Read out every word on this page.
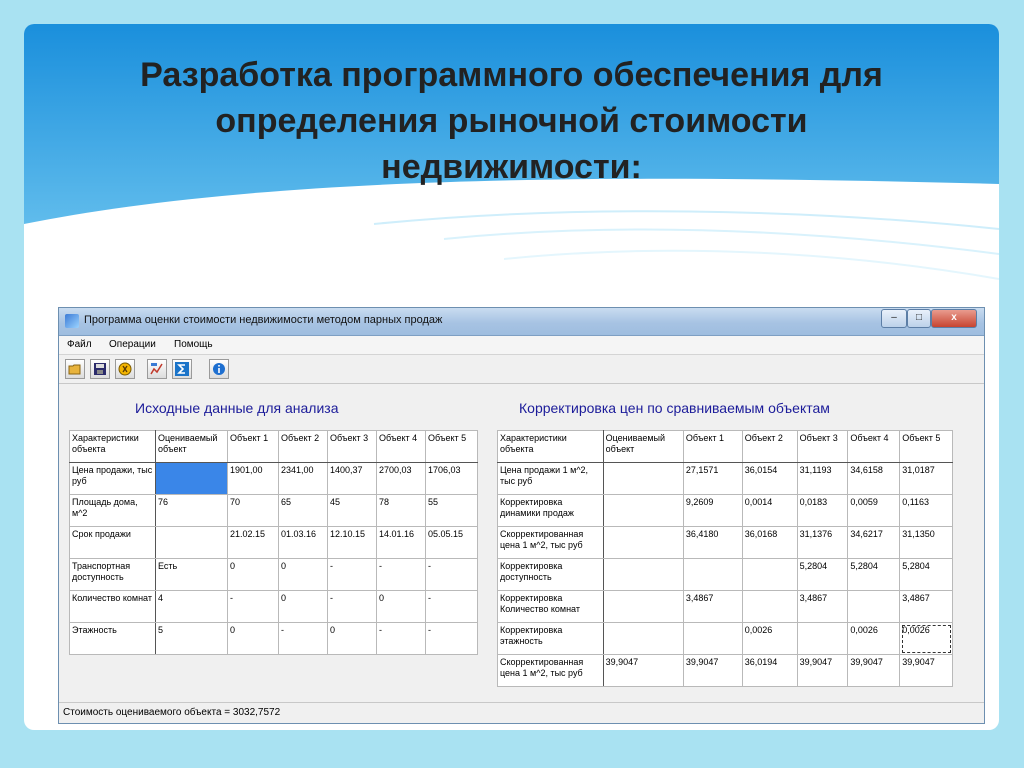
Разработка программного обеспечения для
определения рыночной стоимости
недвижимости:
Программа оценки стоимости недвижимости методом парных продаж	–	□	x
Файл Операции Помощь
Исходные данные для анализа	Корректировка цен по сравниваемым объектам
Характеристики объекта	Оцениваемый объект	Объект 1	Объект 2	Объект 3	Объект 4	Объект 5
Цена продажи, тыс руб		1901,00	2341,00	1400,37	2700,03	1706,03
Площадь дома, м^2	76	70	65	45	78	55
Срок продажи		21.02.15	01.03.16	12.10.15	14.01.16	05.05.15
Транспортная доступность	Есть	0	0	-	-	-
Количество комнат	4	-	0	-	0	-
Этажность	5	0	-	0	-	-
Характеристики объекта	Оцениваемый объект	Объект 1	Объект 2	Объект 3	Объект 4	Объект 5
Цена продажи 1 м^2, тыс руб		27,1571	36,0154	31,1193	34,6158	31,0187
Корректировка динамики продаж		9,2609	0,0014	0,0183	0,0059	0,1163
Скорректированная цена 1 м^2, тыс руб		36,4180	36,0168	31,1376	34,6217	31,1350
Корректировка доступность				5,2804	5,2804	5,2804
Корректировка Количество комнат		3,4867		3,4867		3,4867
Корректировка этажность			0,0026		0,0026	0,0026
Скорректированная цена 1 м^2, тыс руб	39,9047	39,9047	36,0194	39,9047	39,9047	39,9047
Стоимость оцениваемого объекта = 3032,7572
